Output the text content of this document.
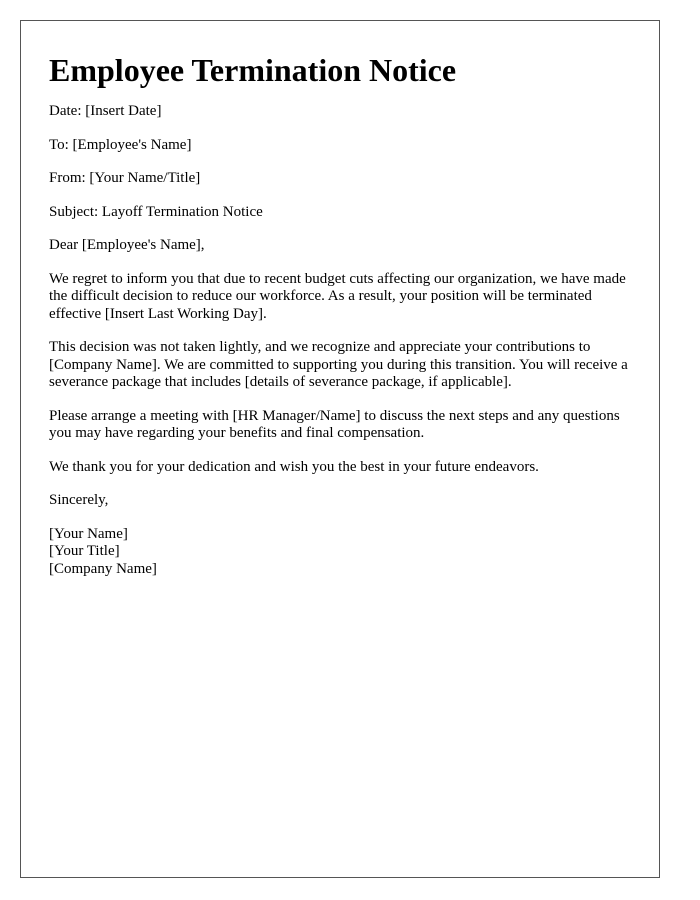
Employee Termination Notice

Date: [Insert Date]

To: [Employee's Name]

From: [Your Name/Title]

Subject: Layoff Termination Notice

Dear [Employee's Name],

We regret to inform you that due to recent budget cuts affecting our organization, we have made the difficult decision to reduce our workforce. As a result, your position will be terminated effective [Insert Last Working Day].

This decision was not taken lightly, and we recognize and appreciate your contributions to [Company Name]. We are committed to supporting you during this transition. You will receive a severance package that includes [details of severance package, if applicable].

Please arrange a meeting with [HR Manager/Name] to discuss the next steps and any questions you may have regarding your benefits and final compensation.

We thank you for your dedication and wish you the best in your future endeavors.

Sincerely,

[Your Name]
[Your Title]
[Company Name]
